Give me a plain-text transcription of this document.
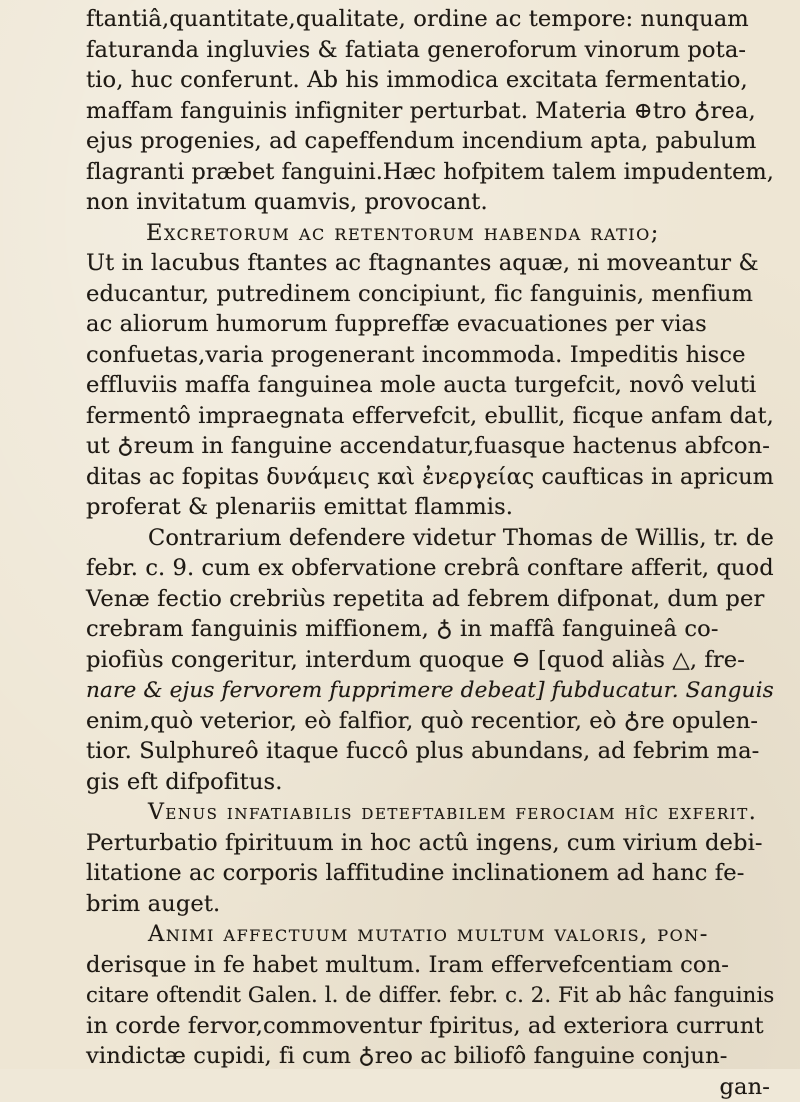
ftantiâ,quantitate,qualitate, ordine ac tempore: nunquam
faturanda ingluvies & fatiata generoforum vinorum pota-
tio, huc conferunt. Ab his immodica excitata fermentatio,
maffam fanguinis infigniter perturbat. Materia ⊕tro ♁rea,
ejus progenies, ad capeffendum incendium apta, pabulum
flagranti præbet fanguini.Hæc hofpitem talem impudentem,
non invitatum quamvis, provocant.
Excretorum ac retentorum habenda ratio;
Ut in lacubus ftantes ac ftagnantes aquæ, ni moveantur &
educantur, putredinem concipiunt, fic fanguinis, menfium
ac aliorum humorum fuppreffæ evacuationes per vias
confuetas,varia progenerant incommoda. Impeditis hisce
effluviis maffa fanguinea mole aucta turgefcit, novô veluti
fermentô impraegnata effervefcit, ebullit, ficque anfam dat,
ut ♁reum in fanguine accendatur,fuasque hactenus abfcon-
ditas ac fopitas δυνάμεις καὶ ἐνεργείας caufticas in apricum
proferat & plenariis emittat flammis.
Contrarium defendere videtur Thomas de Willis, tr. de
febr. c. 9. cum ex obfervatione crebrâ conftare afferit, quod
Venæ fectio crebriùs repetita ad febrem difponat, dum per
crebram fanguinis miffionem, ♁ in maffâ fanguineâ co-
piofiùs congeritur, interdum quoque ⊖ [quod aliàs △, fre-
nare & ejus fervorem fupprimere debeat] fubducatur. Sanguis
enim,quò veterior, eò falfior, quò recentior, eò ♁re opulen-
tior. Sulphureô itaque fuccô plus abundans, ad febrim ma-
gis eft difpofitus.
Venus infatiabilis deteftabilem ferociam hîc exferit.
Perturbatio fpirituum in hoc actû ingens, cum virium debi-
litatione ac corporis laffitudine inclinationem ad hanc fe-
brim auget.
Animi affectuum mutatio multum valoris, pon-
derisque in fe habet multum. Iram effervefcentiam con-
citare oftendit Galen. l. de differ. febr. c. 2. Fit ab hâc fanguinis
in corde fervor,commoventur fpiritus, ad exteriora currunt
vindictæ cupidi, fi cum ♁reo ac biliofô fanguine conjun-
gan-
